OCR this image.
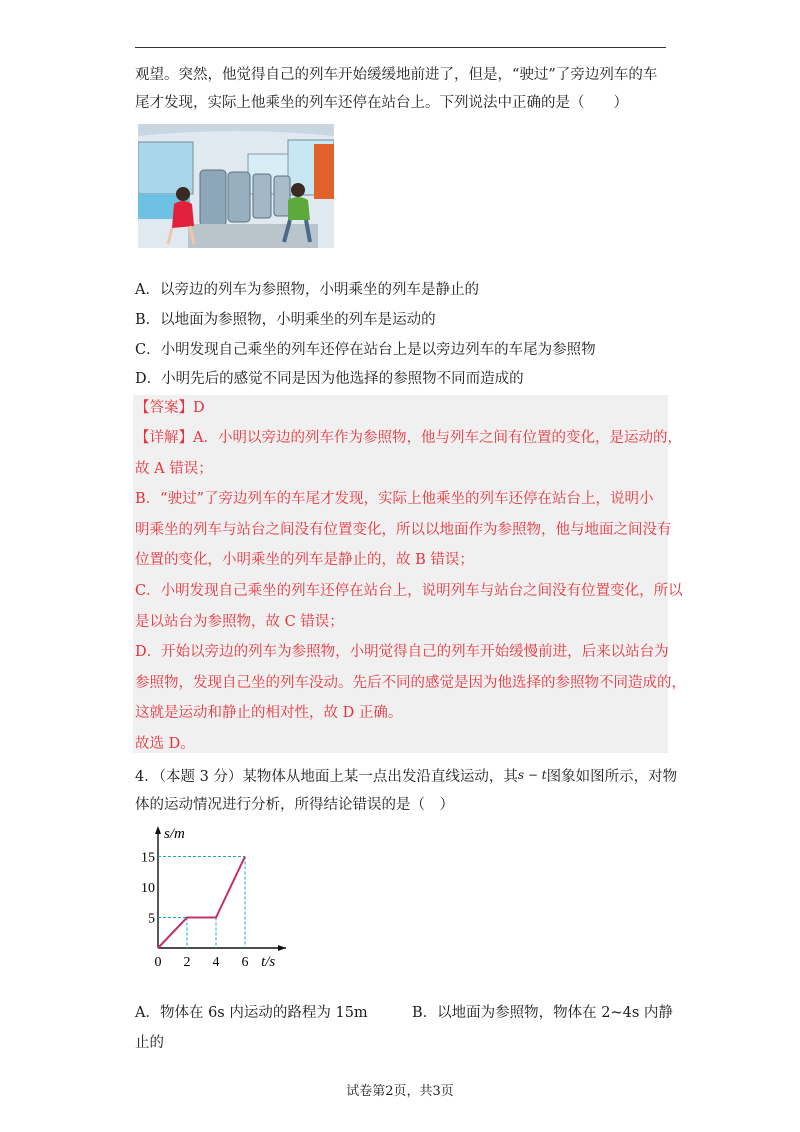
观望。突然，他觉得自己的列车开始缓缓地前进了，但是，“驶过”了旁边列车的车
尾才发现，实际上他乘坐的列车还停在站台上。下列说法中正确的是（　　）
A．以旁边的列车为参照物，小明乘坐的列车是静止的
B．以地面为参照物，小明乘坐的列车是运动的
C．小明发现自己乘坐的列车还停在站台上是以旁边列车的车尾为参照物
D．小明先后的感觉不同是因为他选择的参照物不同而造成的
【答案】D
【详解】A．小明以旁边的列车作为参照物，他与列车之间有位置的变化，是运动的，
故 A 错误；
B．“驶过”了旁边列车的车尾才发现，实际上他乘坐的列车还停在站台上，说明小
明乘坐的列车与站台之间没有位置变化，所以以地面作为参照物，他与地面之间没有
位置的变化，小明乘坐的列车是静止的，故 B 错误；
C．小明发现自己乘坐的列车还停在站台上，说明列车与站台之间没有位置变化，所以
是以站台为参照物，故 C 错误；
D．开始以旁边的列车为参照物，小明觉得自己的列车开始缓慢前进，后来以站台为
参照物，发现自己坐的列车没动。先后不同的感觉是因为他选择的参照物不同造成的，
这就是运动和静止的相对性，故 D 正确。
故选 D。
4．（本题 3 分）某物体从地面上某一点出发沿直线运动，其s − t图象如图所示，对物
体的运动情况进行分析，所得结论错误的是（　）
0 2 4 6
5
10
15
t/s
s/m
A．物体在 6s 内运动的路程为 15m	B．以地面为参照物，物体在 2~4s 内静
止的
试卷第2页，共3页
